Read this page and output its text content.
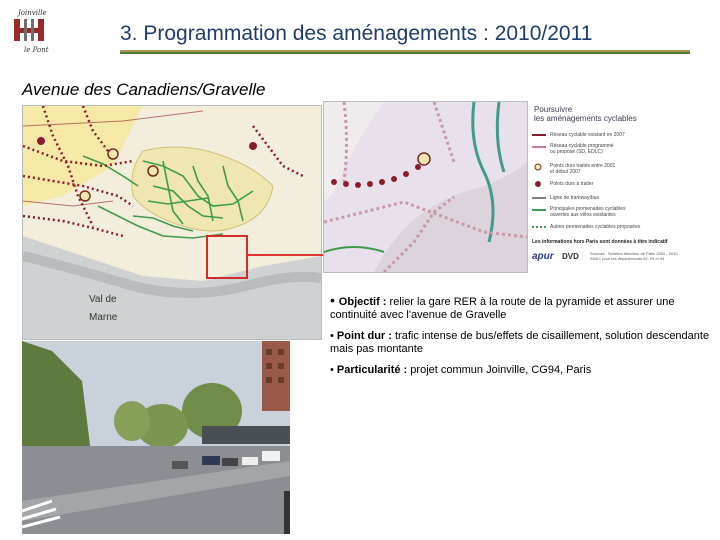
Joinville
le Pont
3. Programmation des aménagements : 2010/2011
Avenue des Canadiens/Gravelle
Val de
Marne
Poursuivre
les aménagements cyclables
Réseau cyclable existant en 2007
Réseau cyclable programmé
ou proposé (SD, EDLC)
Points durs traités entre 2001
et début 2007
Points durs à traiter
Ligne de tramway/bus
Principales promenades cyclables
ouvertes aux vélos existantes
Autres promenades cyclables proposées
Les informations hors Paris sont données à titre indicatif
apur DVD	Sources : Schéma directeur de Paris 2002 - 2010
SDEC pour les départements 92, 93 et 94
• Objectif : relier la gare RER à la route de la pyramide et assurer une continuité avec l'avenue de Gravelle
• Point dur : trafic intense de bus/effets de cisaillement, solution descendante mais pas montante
• Particularité : projet commun Joinville, CG94, Paris
